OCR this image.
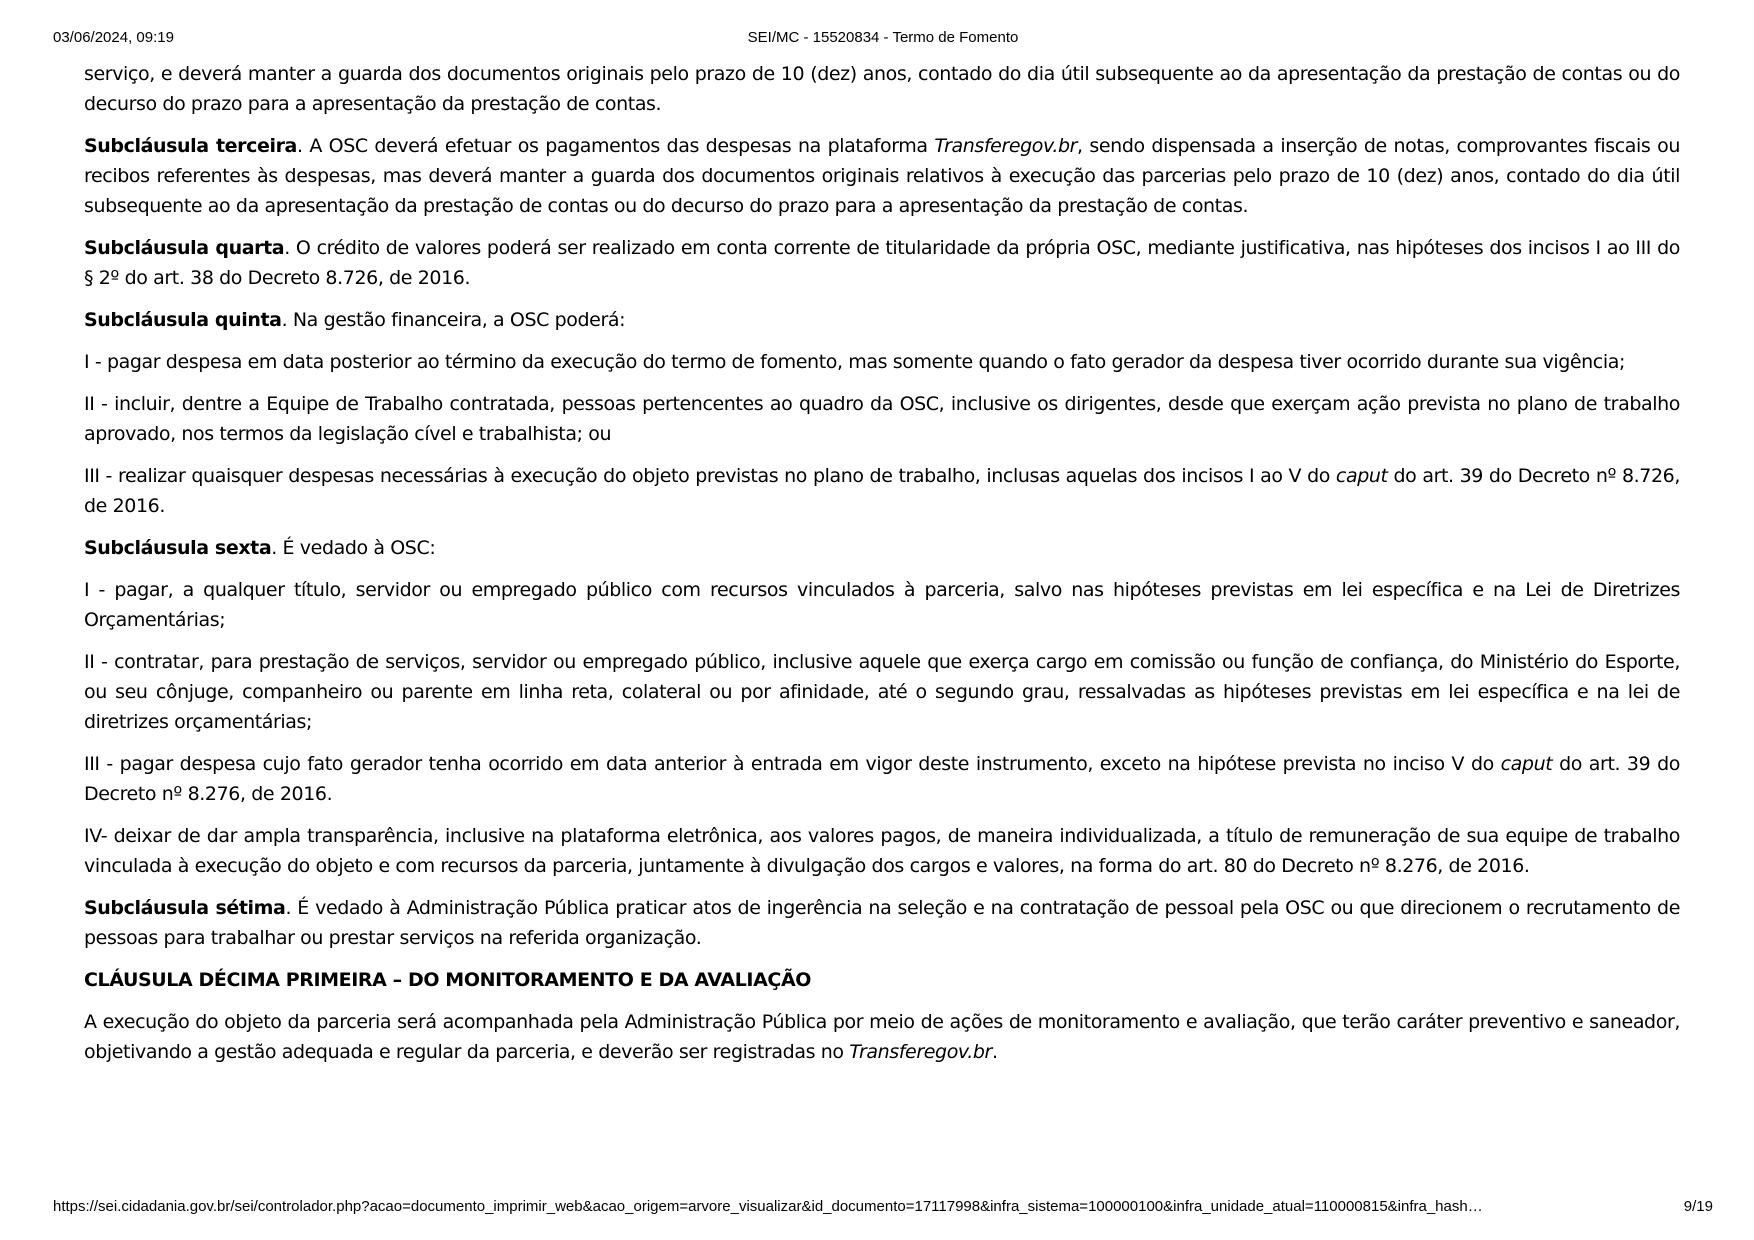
03/06/2024, 09:19	SEI/MC - 15520834 - Termo de Fomento

serviço, e deverá manter a guarda dos documentos originais pelo prazo de 10 (dez) anos, contado do dia útil subsequente ao da apresentação da prestação de contas ou do decurso do prazo para a apresentação da prestação de contas.

Subcláusula terceira. A OSC deverá efetuar os pagamentos das despesas na plataforma Transferegov.br, sendo dispensada a inserção de notas, comprovantes fiscais ou recibos referentes às despesas, mas deverá manter a guarda dos documentos originais relativos à execução das parcerias pelo prazo de 10 (dez) anos, contado do dia útil subsequente ao da apresentação da prestação de contas ou do decurso do prazo para a apresentação da prestação de contas.

Subcláusula quarta. O crédito de valores poderá ser realizado em conta corrente de titularidade da própria OSC, mediante justificativa, nas hipóteses dos incisos I ao III do § 2º do art. 38 do Decreto 8.726, de 2016.

Subcláusula quinta. Na gestão financeira, a OSC poderá:

I - pagar despesa em data posterior ao término da execução do termo de fomento, mas somente quando o fato gerador da despesa tiver ocorrido durante sua vigência;

II - incluir, dentre a Equipe de Trabalho contratada, pessoas pertencentes ao quadro da OSC, inclusive os dirigentes, desde que exerçam ação prevista no plano de trabalho aprovado, nos termos da legislação cível e trabalhista; ou

III - realizar quaisquer despesas necessárias à execução do objeto previstas no plano de trabalho, inclusas aquelas dos incisos I ao V do caput do art. 39 do Decreto nº 8.726, de 2016.

Subcláusula sexta. É vedado à OSC:

I - pagar, a qualquer título, servidor ou empregado público com recursos vinculados à parceria, salvo nas hipóteses previstas em lei específica e na Lei de Diretrizes Orçamentárias;

II - contratar, para prestação de serviços, servidor ou empregado público, inclusive aquele que exerça cargo em comissão ou função de confiança, do Ministério do Esporte, ou seu cônjuge, companheiro ou parente em linha reta, colateral ou por afinidade, até o segundo grau, ressalvadas as hipóteses previstas em lei específica e na lei de diretrizes orçamentárias;

III - pagar despesa cujo fato gerador tenha ocorrido em data anterior à entrada em vigor deste instrumento, exceto na hipótese prevista no inciso V do caput do art. 39 do Decreto nº 8.276, de 2016.

IV- deixar de dar ampla transparência, inclusive na plataforma eletrônica, aos valores pagos, de maneira individualizada, a título de remuneração de sua equipe de trabalho vinculada à execução do objeto e com recursos da parceria, juntamente à divulgação dos cargos e valores, na forma do art. 80 do Decreto nº 8.276, de 2016.

Subcláusula sétima. É vedado à Administração Pública praticar atos de ingerência na seleção e na contratação de pessoal pela OSC ou que direcionem o recrutamento de pessoas para trabalhar ou prestar serviços na referida organização.

CLÁUSULA DÉCIMA PRIMEIRA – DO MONITORAMENTO E DA AVALIAÇÃO

A execução do objeto da parceria será acompanhada pela Administração Pública por meio de ações de monitoramento e avaliação, que terão caráter preventivo e saneador, objetivando a gestão adequada e regular da parceria, e deverão ser registradas no Transferegov.br.

https://sei.cidadania.gov.br/sei/controlador.php?acao=documento_imprimir_web&acao_origem=arvore_visualizar&id_documento=17117998&infra_sistema=100000100&infra_unidade_atual=110000815&infra_hash…	9/19
